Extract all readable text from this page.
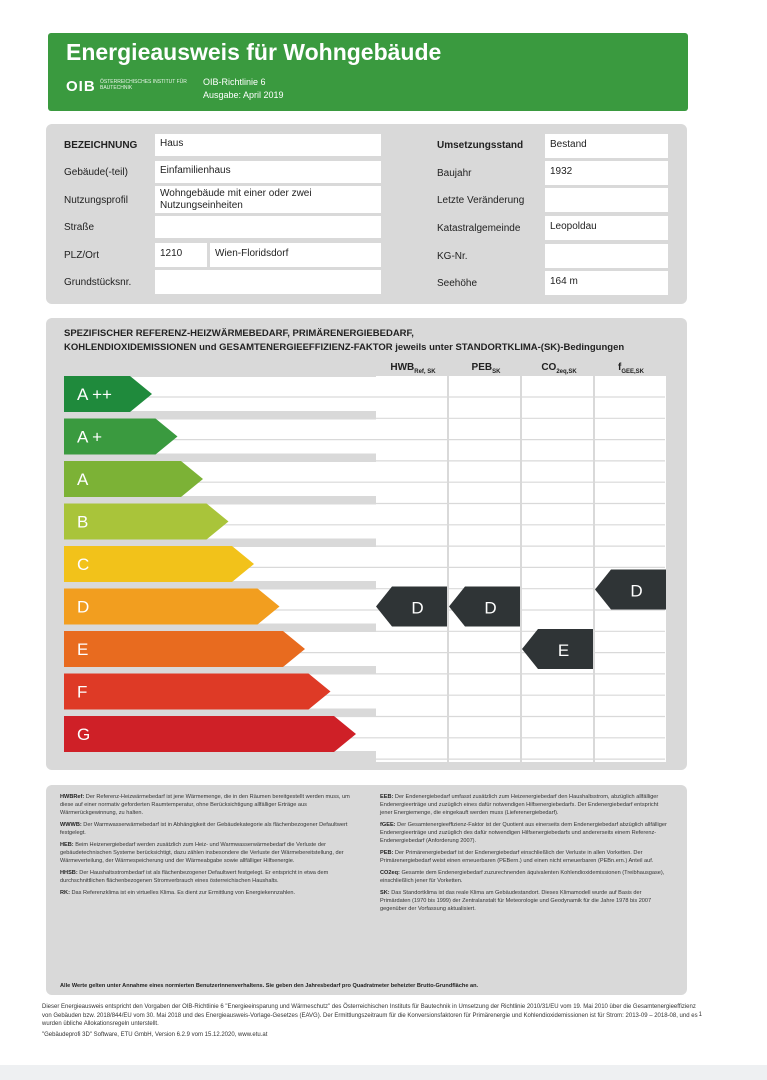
Energieausweis für Wohngebäude
OIB ÖSTERREICHISCHES INSTITUT FÜR BAUTECHNIK
OIB-Richtlinie 6
Ausgabe: April 2019
BEZEICHNUNG	Haus
Gebäude(-teil)	Einfamilienhaus
Nutzungsprofil
Wohngebäude mit einer oder zwei Nutzungseinheiten
Straße
PLZ/Ort	1210	Wien-Floridsdorf
Grundstücksnr.
Umsetzungsstand	Bestand
Baujahr	1932
Letzte Veränderung
Katastralgemeinde	Leopoldau
KG-Nr.
Seehöhe	164 m
SPEZIFISCHER REFERENZ-HEIZWÄRMEBEDARF, PRIMÄRENERGIEBEDARF,
KOHLENDIOXIDEMISSIONEN und GESAMTENERGIEEFFIZIENZ-FAKTOR jeweils unter STANDORTKLIMA-(SK)-Bedingungen
$HWB_{Ref, SK}$	$PEB_{SK}$	$CO_{2eq,SK}$	$f_{GEE,SK}$
A ++
A +
A
B
C
D
E
F
G
D	D
E
D

HWBRef: Der Referenz-Heizwärmebedarf ist jene Wärmemenge, die in den Räumen bereitgestellt werden muss, um diese auf einer normativ geforderten Raumtemperatur, ohne Berücksichtigung allfälliger Erträge aus Wärmerückgewinnung, zu halten.

WWWB: Der Warmwasserwärmebedarf ist in Abhängigkeit der Gebäudekategorie als flächenbezogener Defaultwert festgelegt.

HEB: Beim Heizenergiebedarf werden zusätzlich zum Heiz- und Warmwasserwärmebedarf die Verluste der gebäudetechnischen Systeme berücksichtigt, dazu zählen insbesondere die Verluste der Wärmebereitstellung, der Wärmeverteilung, der Wärmespeicherung und der Wärmeabgabe sowie allfälliger Hilfsenergie.

HHSB: Der Haushaltsstrombedarf ist als flächenbezogener Defaultwert festgelegt. Er entspricht in etwa dem durchschnittlichen flächenbezogenen Stromverbrauch eines österreichischen Haushalts.

RK: Das Referenzklima ist ein virtuelles Klima. Es dient zur Ermittlung von Energiekennzahlen.

EEB: Der Endenergiebedarf umfasst zusätzlich zum Heizenergiebedarf den Haushaltsstrom, abzüglich allfälliger Endenergieerträge und zuzüglich eines dafür notwendigen Hilfsenergiebedarfs. Der Endenergiebedarf entspricht jener Energiemenge, die eingekauft werden muss (Lieferenergiebedarf).

fGEE: Der Gesamtenergieeffizienz-Faktor ist der Quotient aus einerseits dem Endenergiebedarf abzüglich allfälliger Endenergieerträge und zuzüglich des dafür notwendigen Hilfsenergiebedarfs und andererseits einem Referenz-Endenergiebedarf (Anforderung 2007).

PEB: Der Primärenergiebedarf ist der Endenergiebedarf einschließlich der Verluste in allen Vorketten. Der Primärenergiebedarf weist einen erneuerbaren (PEBern.) und einen nicht erneuerbaren (PEBn.ern.) Anteil auf.

CO2eq: Gesamte dem Endenergiebedarf zuzurechnenden äquivalenten Kohlendioxidemissionen (Treibhausgase), einschließlich jener für Vorketten.

SK: Das Standortklima ist das reale Klima am Gebäudestandort. Dieses Klimamodell wurde auf Basis der Primärdaten (1970 bis 1999) der Zentralanstalt für Meteorologie und Geodynamik für die Jahre 1978 bis 2007 gegenüber der Vorfassung aktualisiert.

Alle Werte gelten unter Annahme eines normierten Benutzerinnenverhaltens. Sie geben den Jahresbedarf pro Quadratmeter beheizter Brutto-Grundfläche an.
Dieser Energieausweis entspricht den Vorgaben der OIB-Richtlinie 6 "Energieeinsparung und Wärmeschutz" des Österreichischen Instituts für Bautechnik in Umsetzung der Richtlinie 2010/31/EU vom 19. Mai 2010 über die Gesamtenergieeffizienz von Gebäuden bzw. 2018/844/EU vom 30. Mai 2018 und des Energieausweis-Vorlage-Gesetzes (EAVG). Der Ermittlungszeitraum für die Konversionsfaktoren für Primärenergie und Kohlendioxidemissionen ist für Strom: 2013-09 – 2018-08, und es wurden übliche Allokationsregeln unterstellt.
1
"Gebäudeprofi 3D" Software, ETU GmbH, Version 6.2.9 vom 15.12.2020, www.etu.at
